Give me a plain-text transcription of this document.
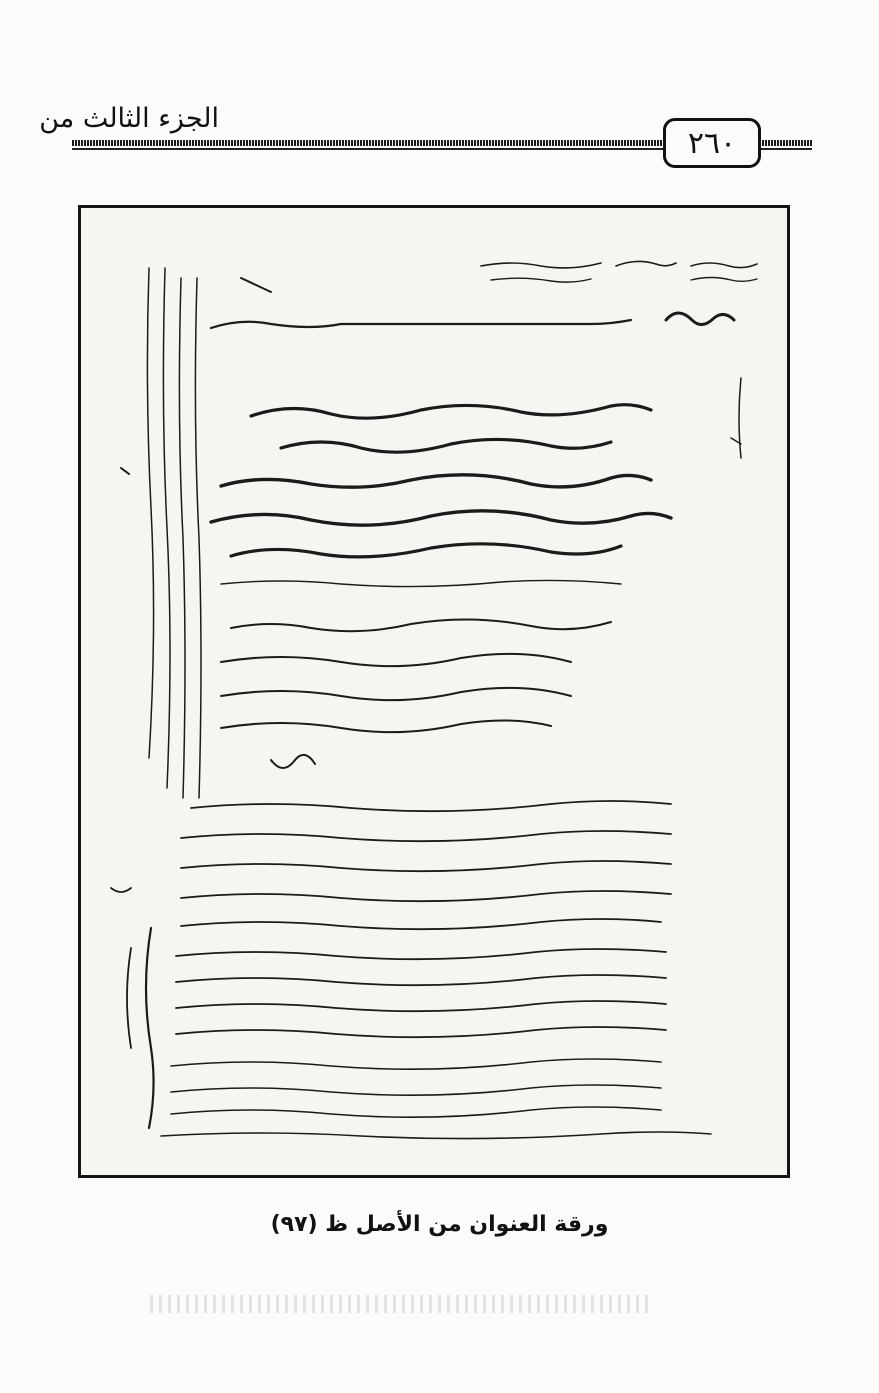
الجزء الثالث من
٢٦٠
ورقة العنوان من الأصل ظ (٩٧)
